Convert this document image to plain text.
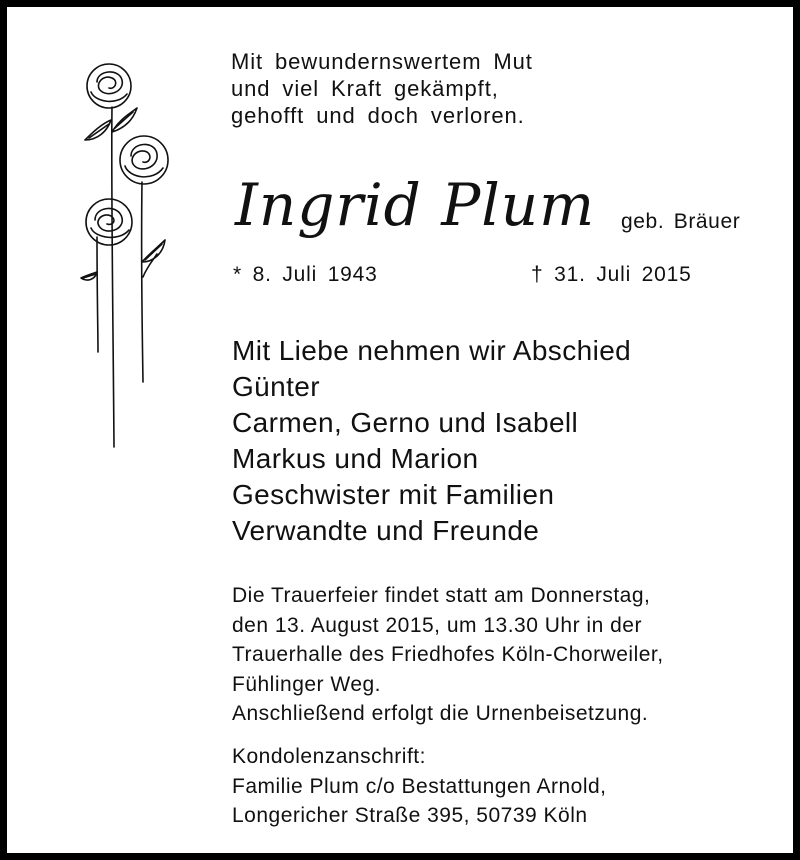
Mit bewundernswertem Mut
und viel Kraft gekämpft,
gehofft und doch verloren.
Ingrid Plum geb. Bräuer
* 8. Juli 1943	† 31. Juli 2015
Mit Liebe nehmen wir Abschied
Günter
Carmen, Gerno und Isabell
Markus und Marion
Geschwister mit Familien
Verwandte und Freunde
Die Trauerfeier findet statt am Donnerstag,
den 13. August 2015, um 13.30 Uhr in der
Trauerhalle des Friedhofes Köln-Chorweiler,
Fühlinger Weg.
Anschließend erfolgt die Urnenbeisetzung.
Kondolenzanschrift:
Familie Plum c/o Bestattungen Arnold,
Longericher Straße 395, 50739 Köln
